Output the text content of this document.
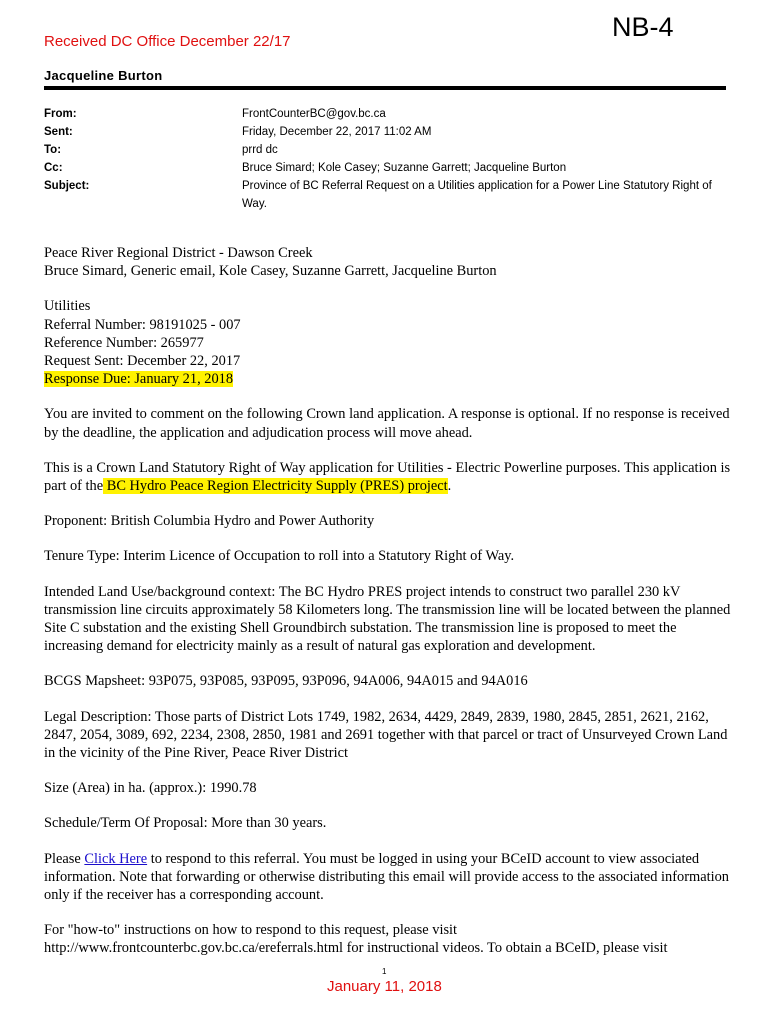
Received DC Office December 22/17	NB-4
Jacqueline Burton
From:	FrontCounterBC@gov.bc.ca
Sent:	Friday, December 22, 2017 11:02 AM
To:	prrd dc
Cc:	Bruce Simard; Kole Casey; Suzanne Garrett; Jacqueline Burton
Subject:	Province of BC Referral Request on a Utilities application for a Power Line Statutory Right of Way.

Peace River Regional District - Dawson Creek
Bruce Simard, Generic email, Kole Casey, Suzanne Garrett, Jacqueline Burton

Utilities
Referral Number: 98191025 - 007
Reference Number: 265977
Request Sent: December 22, 2017
Response Due: January 21, 2018

You are invited to comment on the following Crown land application. A response is optional. If no response is received by the deadline, the application and adjudication process will move ahead.

This is a Crown Land Statutory Right of Way application for Utilities - Electric Powerline purposes. This application is part of the BC Hydro Peace Region Electricity Supply (PRES) project.

Proponent: British Columbia Hydro and Power Authority

Tenure Type: Interim Licence of Occupation to roll into a Statutory Right of Way.

Intended Land Use/background context: The BC Hydro PRES project intends to construct two parallel 230 kV transmission line circuits approximately 58 Kilometers long. The transmission line will be located between the planned Site C substation and the existing Shell Groundbirch substation. The transmission line is proposed to meet the increasing demand for electricity mainly as a result of natural gas exploration and development.

BCGS Mapsheet: 93P075, 93P085, 93P095, 93P096, 94A006, 94A015 and 94A016

Legal Description: Those parts of District Lots 1749, 1982, 2634, 4429, 2849, 2839, 1980, 2845, 2851, 2621, 2162, 2847, 2054, 3089, 692, 2234, 2308, 2850, 1981 and 2691 together with that parcel or tract of Unsurveyed Crown Land in the vicinity of the Pine River, Peace River District

Size (Area) in ha. (approx.): 1990.78

Schedule/Term Of Proposal: More than 30 years.

Please Click Here to respond to this referral. You must be logged in using your BCeID account to view associated information. Note that forwarding or otherwise distributing this email will provide access to the associated information only if the receiver has a corresponding account.

For "how-to" instructions on how to respond to this request, please visit http://www.frontcounterbc.gov.bc.ca/ereferrals.html for instructional videos. To obtain a BCeID, please visit

1
January 11, 2018
